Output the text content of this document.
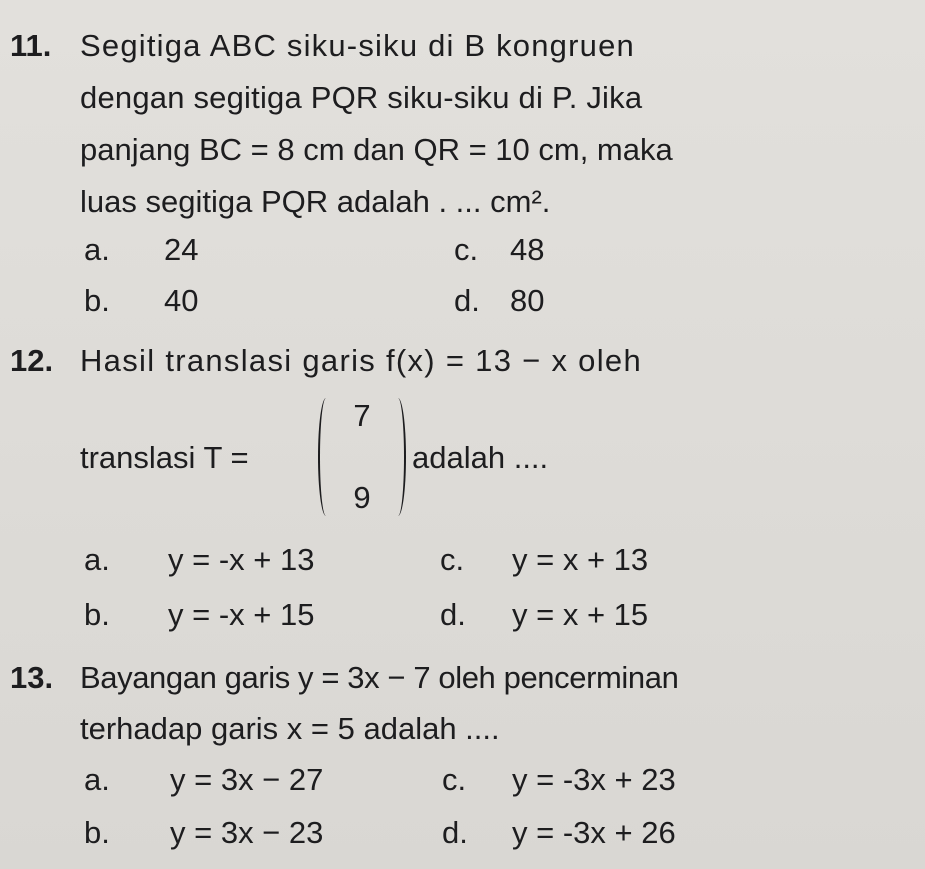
11. Segitiga ABC siku-siku di B kongruen
dengan segitiga PQR siku-siku di P. Jika
panjang BC = 8 cm dan QR = 10 cm, maka
luas segitiga PQR adalah . ... cm².
a. 24	c. 48
b. 40	d. 80
12. Hasil translasi garis f(x) = 13 − x oleh
translasi T =
7
9
adalah ....
a. y = -x + 13	c. y = x + 13
b. y = -x + 15	d. y = x + 15
13. Bayangan garis y = 3x − 7 oleh pencerminan
terhadap garis x = 5 adalah ....
a. y = 3x − 27	c. y = -3x + 23
b. y = 3x − 23	d. y = -3x + 26
